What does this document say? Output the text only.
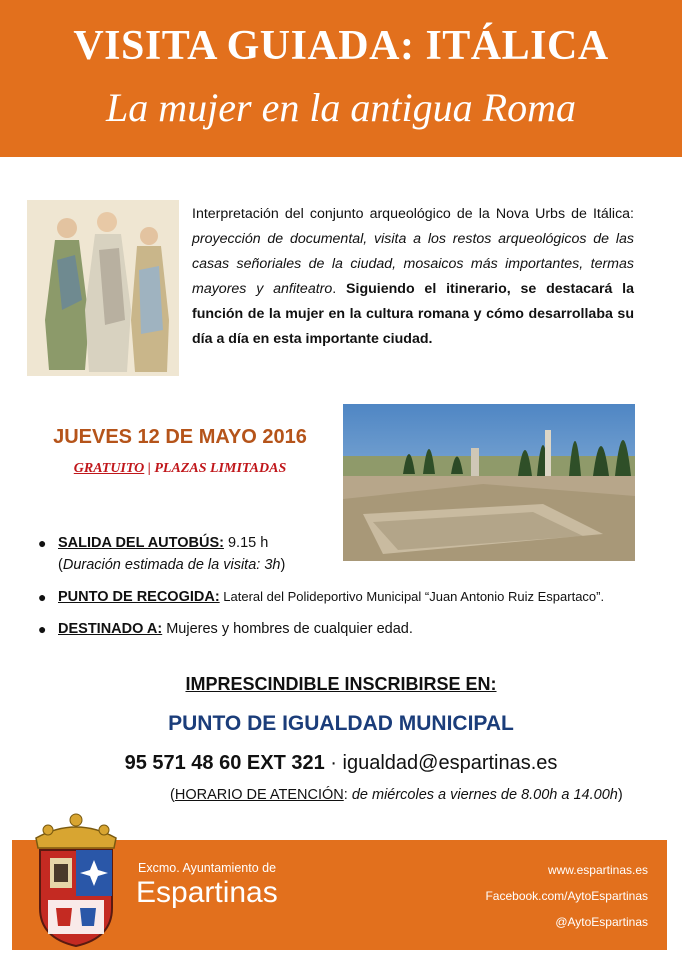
VISITA GUIADA: ITÁLICA
La mujer en la antigua Roma
Interpretación del conjunto arqueológico de la Nova Urbs de Itálica: proyección de documental, visita a los restos arqueológicos de las casas señoriales de la ciudad, mosaicos más importantes, termas mayores y anfiteatro. Siguiendo el itinerario, se destacará la función de la mujer en la cultura romana y cómo desarrollaba su día a día en esta importante ciudad.
JUEVES 12 DE MAYO 2016
GRATUITO | PLAZAS LIMITADAS
● SALIDA DEL AUTOBÚS: 9.15 h
(Duración estimada de la visita: 3h)
● PUNTO DE RECOGIDA: Lateral del Polideportivo Municipal “Juan Antonio Ruiz Espartaco”.
● DESTINADO A: Mujeres y hombres de cualquier edad.
IMPRESCINDIBLE INSCRIBIRSE EN:
PUNTO DE IGUALDAD MUNICIPAL
95 571 48 60 EXT 321 · igualdad@espartinas.es
(HORARIO DE ATENCIÓN: de miércoles a viernes de 8.00h a 14.00h)
www.espartinas.es
Facebook.com/AytoEspartinas
@AytoEspartinas
Excmo. Ayuntamiento de
Espartinas
